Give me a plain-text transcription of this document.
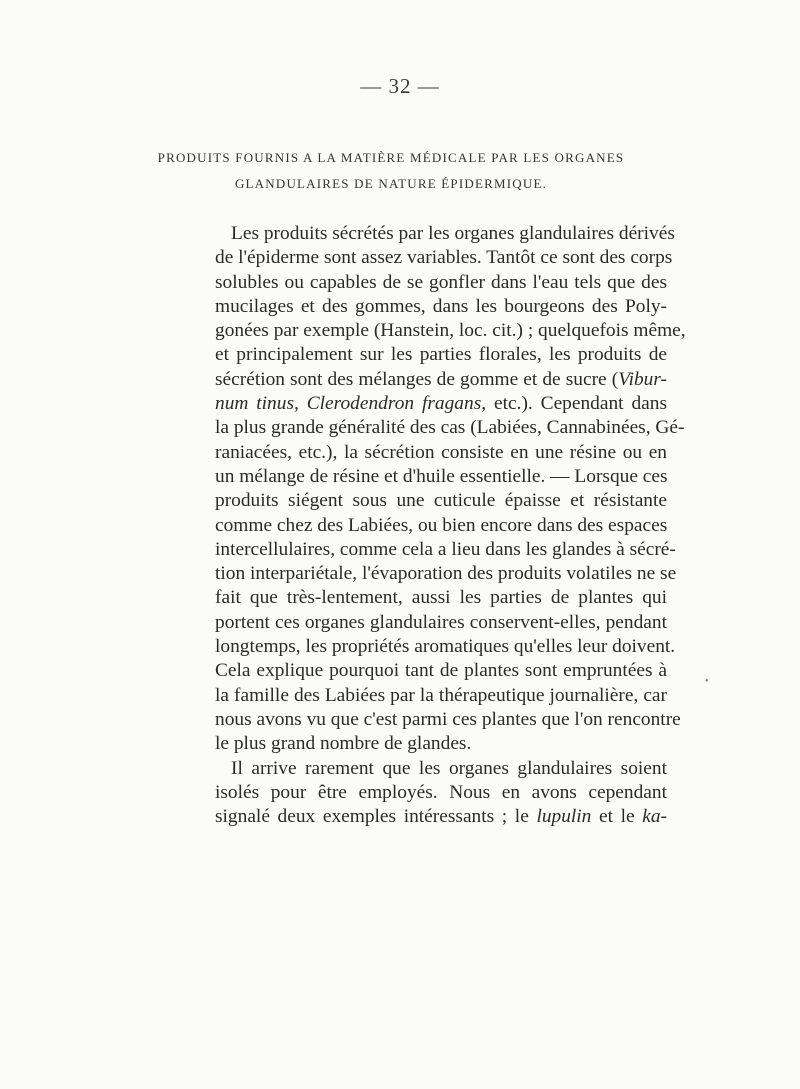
— 32 —
PRODUITS FOURNIS A LA MATIÈRE MÉDICALE PAR LES ORGANES
GLANDULAIRES DE NATURE ÉPIDERMIQUE.
Les produits sécrétés par les organes glandulaires dérivés
de l'épiderme sont assez variables. Tantôt ce sont des corps
solubles ou capables de se gonfler dans l'eau tels que des
mucilages et des gommes, dans les bourgeons des Poly-
gonées par exemple (Hanstein, loc. cit.) ; quelquefois même,
et principalement sur les parties florales, les produits de
sécrétion sont des mélanges de gomme et de sucre (Vibur-
num tinus, Clerodendron fragans, etc.). Cependant dans
la plus grande généralité des cas (Labiées, Cannabinées, Gé-
raniacées, etc.), la sécrétion consiste en une résine ou en
un mélange de résine et d'huile essentielle. — Lorsque ces
produits siégent sous une cuticule épaisse et résistante
comme chez des Labiées, ou bien encore dans des espaces
intercellulaires, comme cela a lieu dans les glandes à sécré-
tion interpariétale, l'évaporation des produits volatiles ne se
fait que très-lentement, aussi les parties de plantes qui
portent ces organes glandulaires conservent-elles, pendant
longtemps, les propriétés aromatiques qu'elles leur doivent.
Cela explique pourquoi tant de plantes sont empruntées à
la famille des Labiées par la thérapeutique journalière, car
nous avons vu que c'est parmi ces plantes que l'on rencontre
le plus grand nombre de glandes.
Il arrive rarement que les organes glandulaires soient
isolés pour être employés. Nous en avons cependant
signalé deux exemples intéressants ; le lupulin et le ka-
•
